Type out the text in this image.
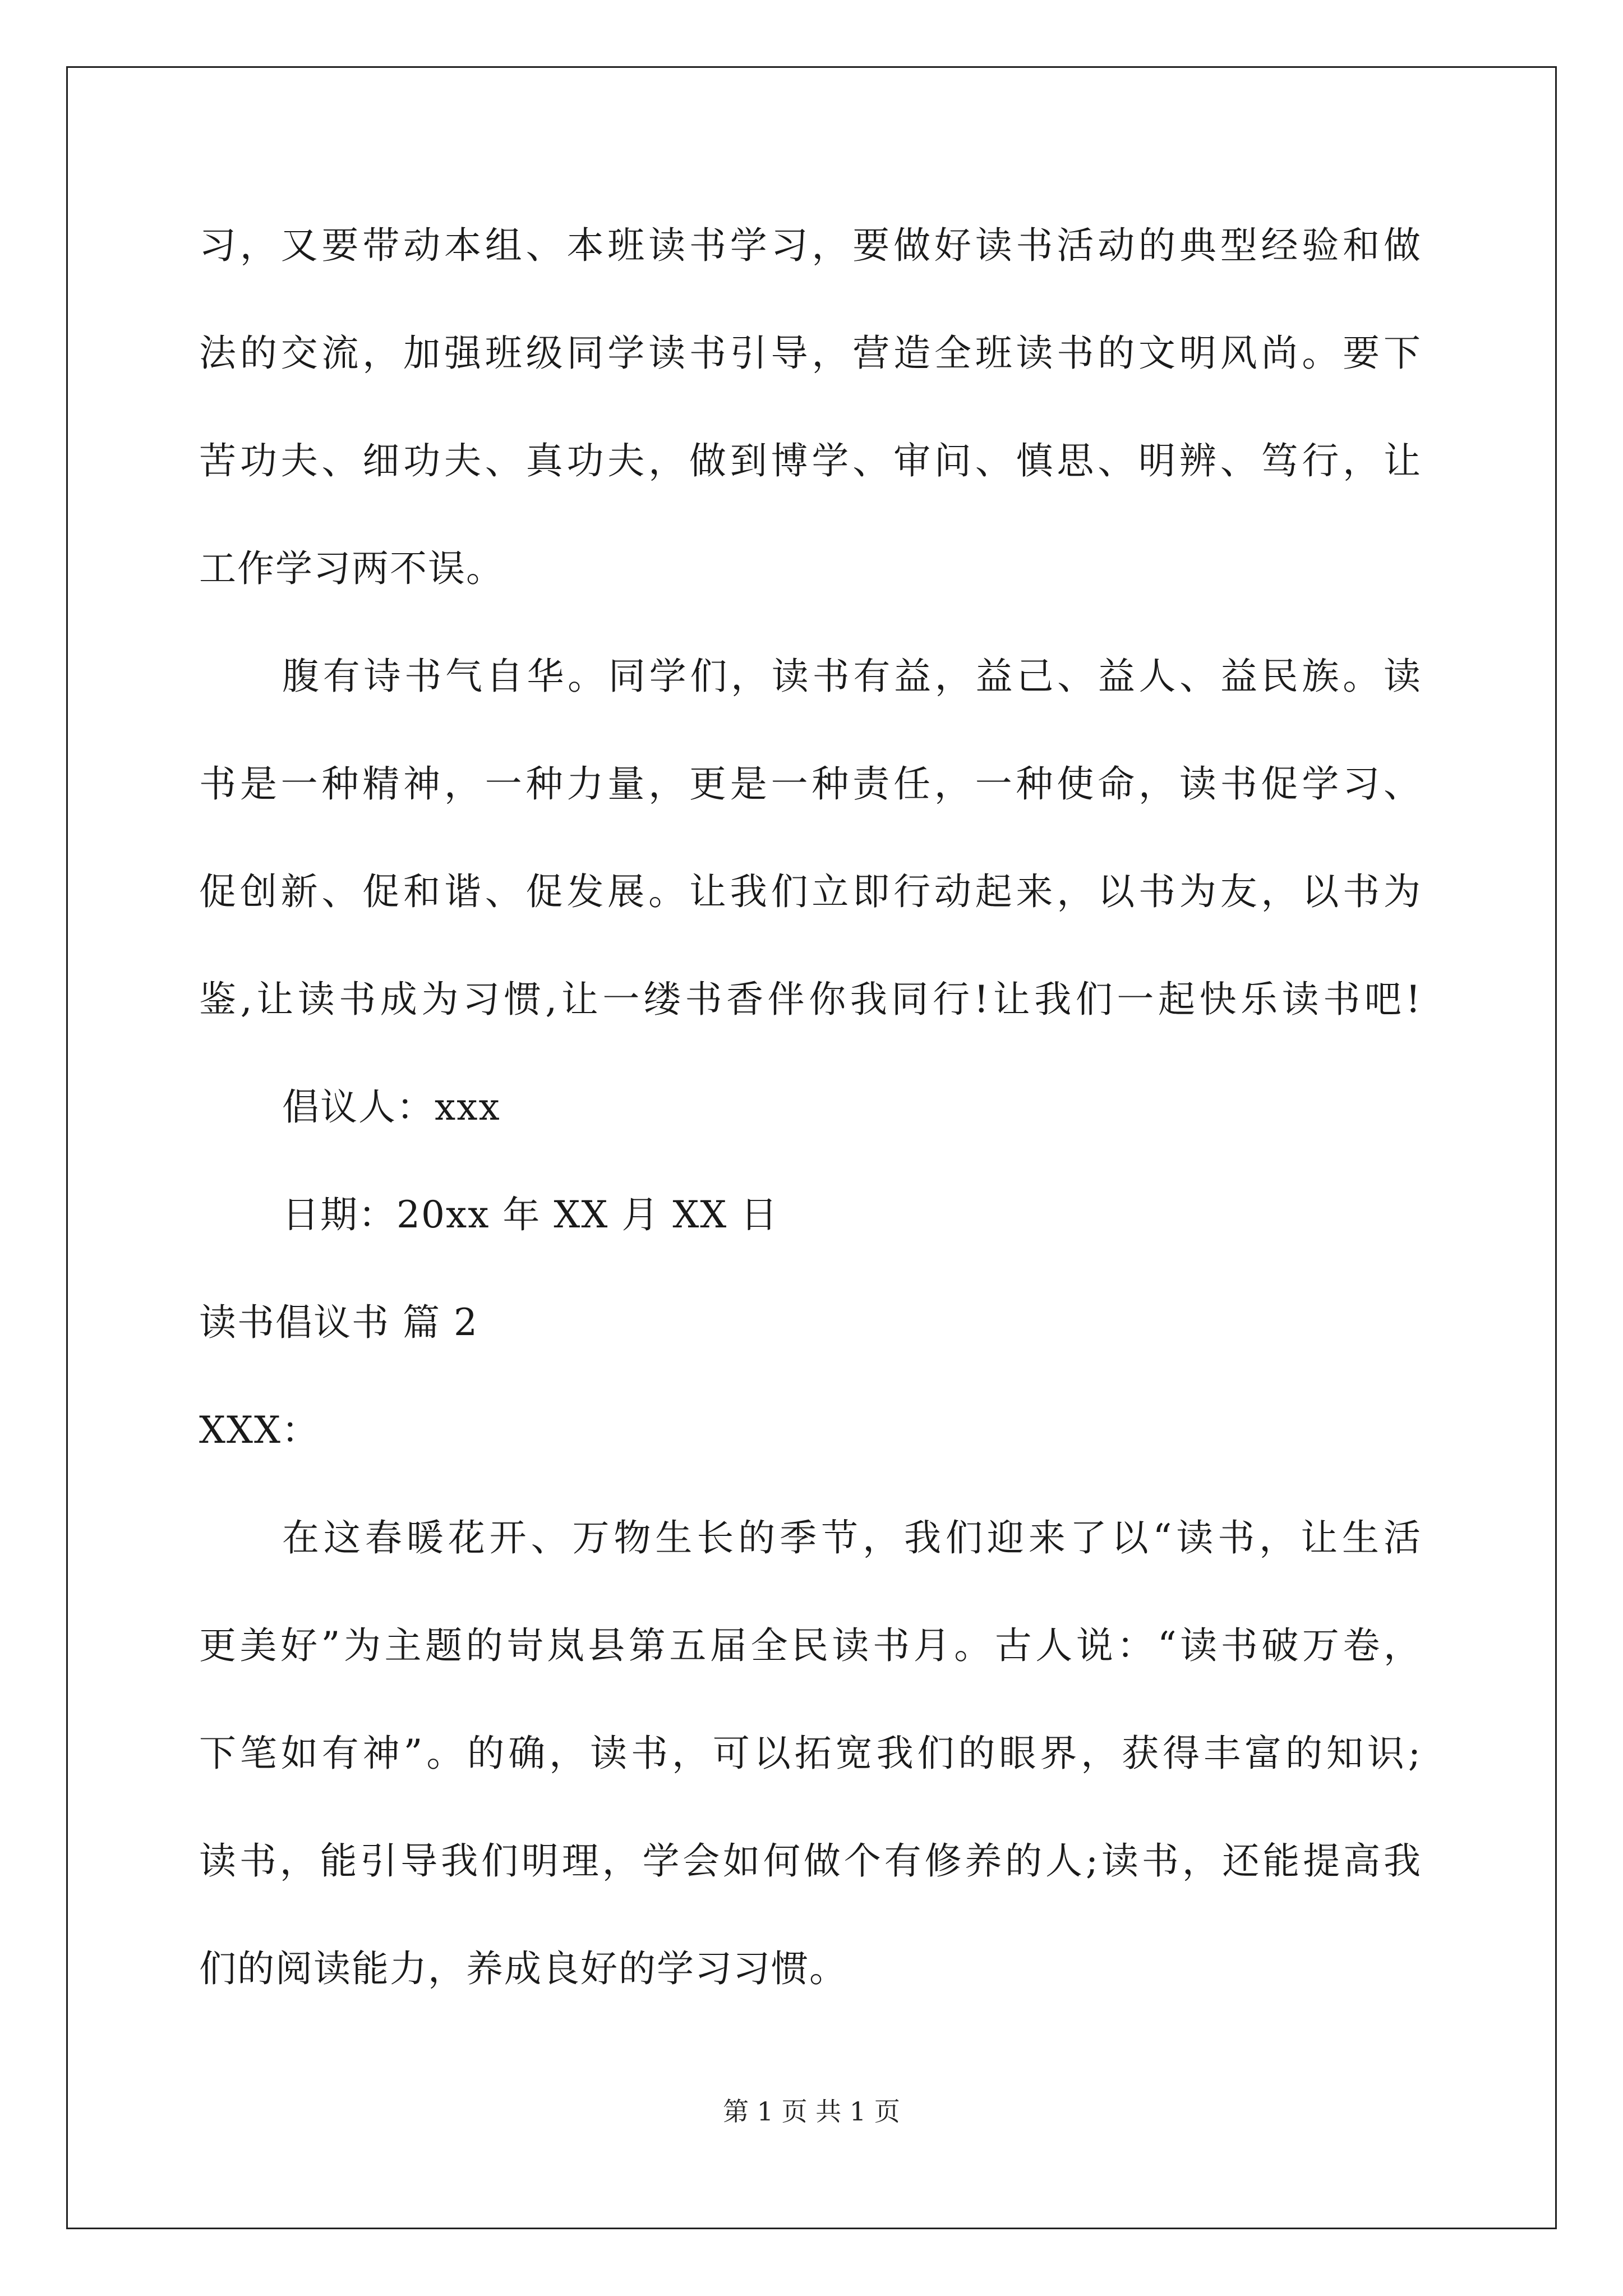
习，又要带动本组、本班读书学习，要做好读书活动的典型经验和做
法的交流，加强班级同学读书引导，营造全班读书的文明风尚。要下
苦功夫、细功夫、真功夫，做到博学、审问、慎思、明辨、笃行，让
工作学习两不误。
腹有诗书气自华。同学们，读书有益，益己、益人、益民族。读
书是一种精神，一种力量，更是一种责任，一种使命，读书促学习、
促创新、促和谐、促发展。让我们立即行动起来，以书为友，以书为
鉴,让读书成为习惯,让一缕书香伴你我同行!让我们一起快乐读书吧!
倡议人：xxx
日期：20xx 年 XX 月 XX 日
读书倡议书 篇 2
XXX：
在这春暖花开、万物生长的季节，我们迎来了以“读书，让生活
更美好”为主题的岢岚县第五届全民读书月。古人说：“读书破万卷，
下笔如有神”。的确，读书，可以拓宽我们的眼界，获得丰富的知识;
读书，能引导我们明理，学会如何做个有修养的人;读书，还能提高我
们的阅读能力，养成良好的学习习惯。
第 1 页 共 1 页
